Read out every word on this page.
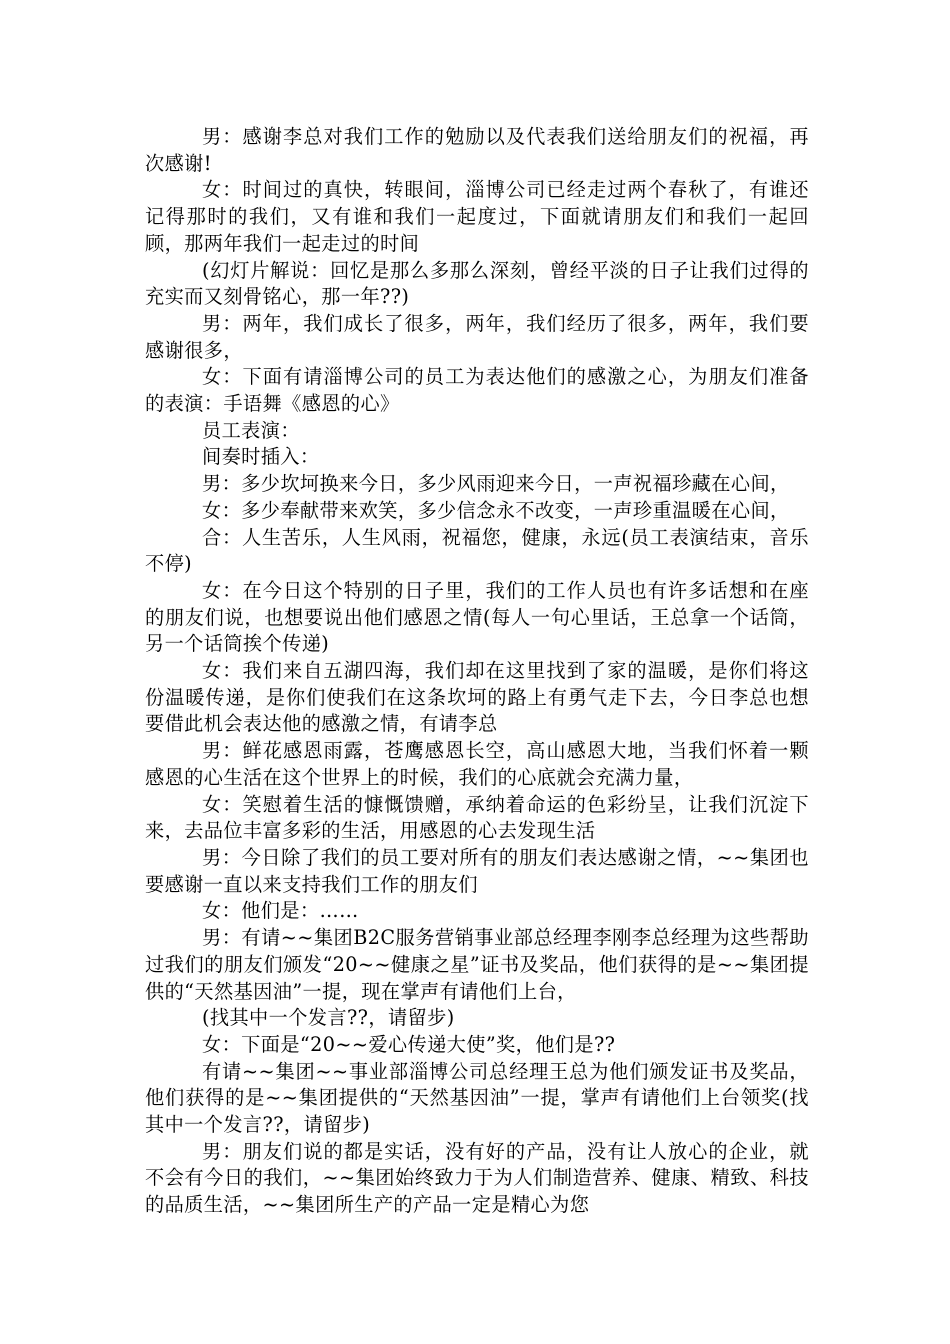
男：感谢李总对我们工作的勉励以及代表我们送给朋友们的祝福，再次感谢!

女：时间过的真快，转眼间，淄博公司已经走过两个春秋了，有谁还记得那时的我们，又有谁和我们一起度过，下面就请朋友们和我们一起回顾，那两年我们一起走过的时间

(幻灯片解说：回忆是那么多那么深刻，曾经平淡的日子让我们过得的充实而又刻骨铭心，那一年??)

男：两年，我们成长了很多，两年，我们经历了很多，两年，我们要感谢很多，

女：下面有请淄博公司的员工为表达他们的感激之心，为朋友们准备的表演：手语舞《感恩的心》

员工表演：

间奏时插入：

男：多少坎坷换来今日，多少风雨迎来今日，一声祝福珍藏在心间，

女：多少奉献带来欢笑，多少信念永不改变，一声珍重温暖在心间，

合：人生苦乐，人生风雨，祝福您，健康，永远(员工表演结束，音乐不停)

女：在今日这个特别的日子里，我们的工作人员也有许多话想和在座的朋友们说，也想要说出他们感恩之情(每人一句心里话，王总拿一个话筒，另一个话筒挨个传递)

女：我们来自五湖四海，我们却在这里找到了家的温暖，是你们将这份温暖传递，是你们使我们在这条坎坷的路上有勇气走下去，今日李总也想要借此机会表达他的感激之情，有请李总

男：鲜花感恩雨露，苍鹰感恩长空，高山感恩大地，当我们怀着一颗感恩的心生活在这个世界上的时候，我们的心底就会充满力量，

女：笑慰着生活的慷慨馈赠，承纳着命运的色彩纷呈，让我们沉淀下来，去品位丰富多彩的生活，用感恩的心去发现生活

男：今日除了我们的员工要对所有的朋友们表达感谢之情，~~集团也要感谢一直以来支持我们工作的朋友们

女：他们是：……

男：有请~~集团B2C服务营销事业部总经理李刚李总经理为这些帮助过我们的朋友们颁发“20~~健康之星”证书及奖品，他们获得的是~~集团提供的“天然基因油”一提，现在掌声有请他们上台，

(找其中一个发言??，请留步)

女：下面是“20~~爱心传递大使”奖，他们是??

有请~~集团~~事业部淄博公司总经理王总为他们颁发证书及奖品，他们获得的是~~集团提供的“天然基因油”一提，掌声有请他们上台领奖(找其中一个发言??，请留步)

男：朋友们说的都是实话，没有好的产品，没有让人放心的企业，就不会有今日的我们，~~集团始终致力于为人们制造营养、健康、精致、科技的品质生活，~~集团所生产的产品一定是精心为您
